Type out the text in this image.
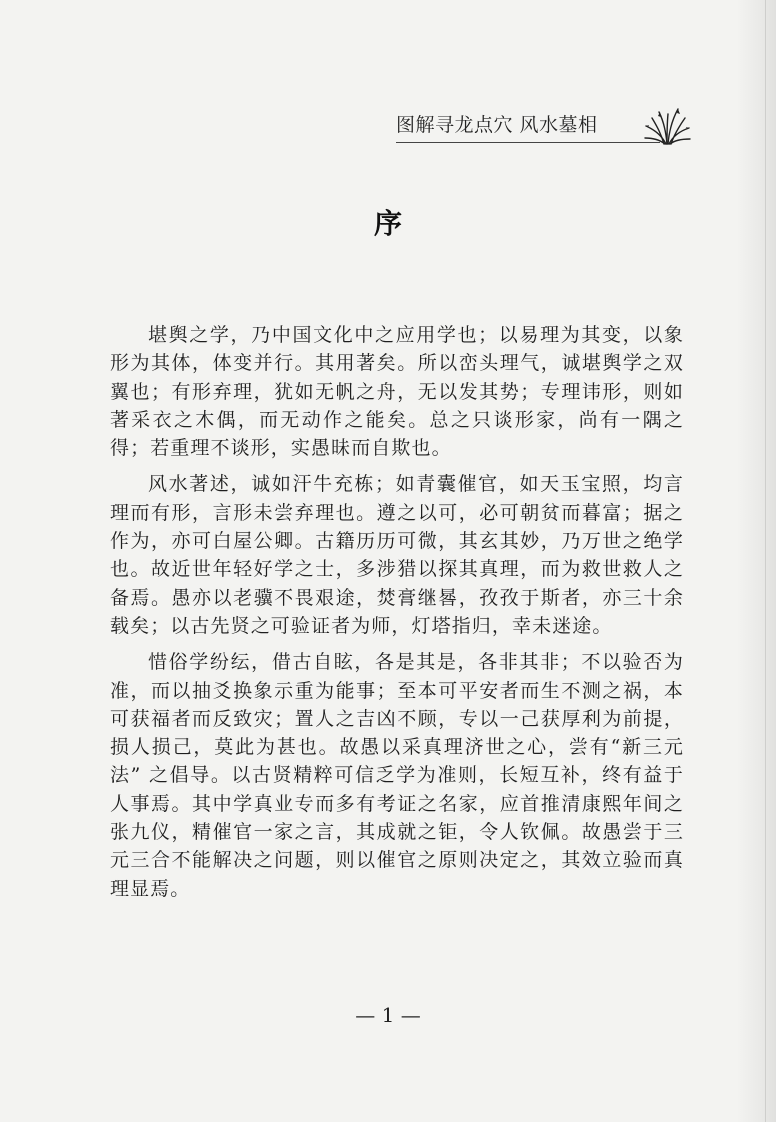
图解寻龙点穴 风水墓相
序

堪舆之学，乃中国文化中之应用学也；以易理为其变，以象形为其体，体变并行。其用著矣。所以峦头理气，诚堪舆学之双翼也；有形弃理，犹如无帆之舟，无以发其势；专理讳形，则如著采衣之木偶，而无动作之能矣。总之只谈形家，尚有一隅之得；若重理不谈形，实愚昧而自欺也。

风水著述，诚如汗牛充栋；如青囊催官，如天玉宝照，均言理而有形，言形未尝弃理也。遵之以可，必可朝贫而暮富；据之作为，亦可白屋公卿。古籍历历可微，其玄其妙，乃万世之绝学也。故近世年轻好学之士，多涉猎以探其真理，而为救世救人之备焉。愚亦以老骥不畏艰途，焚膏继晷，孜孜于斯者，亦三十余载矣；以古先贤之可验证者为师，灯塔指归，幸未迷途。

惜俗学纷纭，借古自眩，各是其是，各非其非；不以验否为准，而以抽爻换象示重为能事；至本可平安者而生不测之祸，本可获福者而反致灾；置人之吉凶不顾，专以一己获厚利为前提，损人损己，莫此为甚也。故愚以采真理济世之心，尝有“新三元法” 之倡导。以古贤精粹可信乏学为准则，长短互补，终有益于人事焉。其中学真业专而多有考证之名家，应首推清康熙年间之张九仪，精催官一家之言，其成就之钜，令人钦佩。故愚尝于三元三合不能解决之问题，则以催官之原则决定之，其效立验而真理显焉。

— 1 —
